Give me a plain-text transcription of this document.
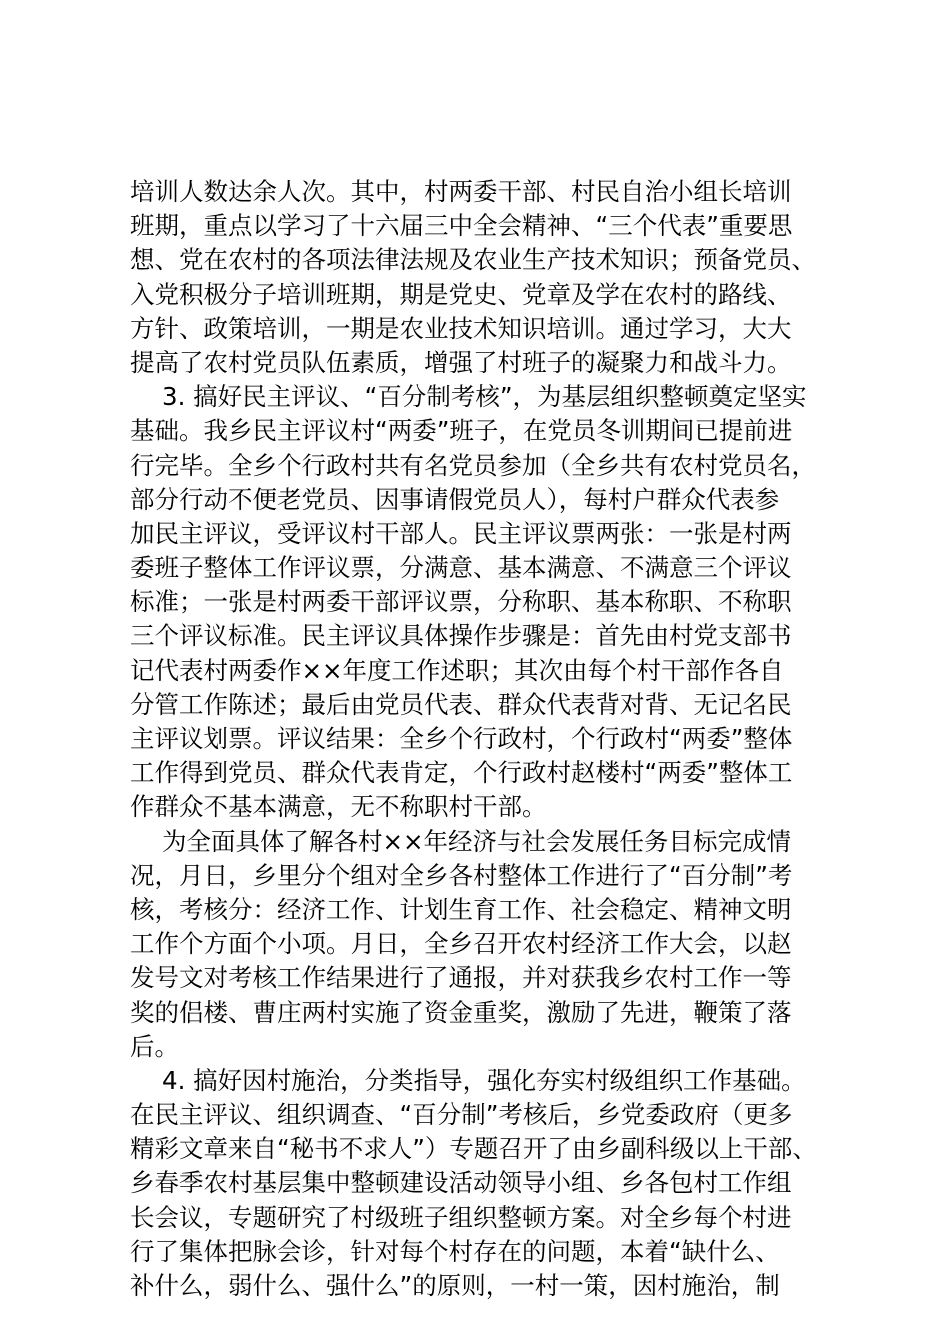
培训人数达余人次。其中，村两委干部、村民自治小组长培训
班期，重点以学习了十六届三中全会精神、“三个代表”重要思
想、党在农村的各项法律法规及农业生产技术知识；预备党员、
入党积极分子培训班期，期是党史、党章及学在农村的路线、
方针、政策培训，一期是农业技术知识培训。通过学习，大大
提高了农村党员队伍素质，增强了村班子的凝聚力和战斗力。
3. 搞好民主评议、“百分制考核”，为基层组织整顿奠定坚实
基础。我乡民主评议村“两委”班子，在党员冬训期间已提前进
行完毕。全乡个行政村共有名党员参加（全乡共有农村党员名，
部分行动不便老党员、因事请假党员人），每村户群众代表参
加民主评议，受评议村干部人。民主评议票两张：一张是村两
委班子整体工作评议票，分满意、基本满意、不满意三个评议
标准；一张是村两委干部评议票，分称职、基本称职、不称职
三个评议标准。民主评议具体操作步骤是：首先由村党支部书
记代表村两委作××年度工作述职；其次由每个村干部作各自
分管工作陈述；最后由党员代表、群众代表背对背、无记名民
主评议划票。评议结果：全乡个行政村，个行政村“两委”整体
工作得到党员、群众代表肯定，个行政村赵楼村“两委”整体工
作群众不基本满意，无不称职村干部。
为全面具体了解各村××年经济与社会发展任务目标完成情
况，月日，乡里分个组对全乡各村整体工作进行了“百分制”考
核，考核分：经济工作、计划生育工作、社会稳定、精神文明
工作个方面个小项。月日，全乡召开农村经济工作大会，以赵
发号文对考核工作结果进行了通报，并对获我乡农村工作一等
奖的侣楼、曹庄两村实施了资金重奖，激励了先进，鞭策了落
后。
4. 搞好因村施治，分类指导，强化夯实村级组织工作基础。
在民主评议、组织调查、“百分制”考核后，乡党委政府（更多
精彩文章来自“秘书不求人”）专题召开了由乡副科级以上干部、
乡春季农村基层集中整顿建设活动领导小组、乡各包村工作组
长会议，专题研究了村级班子组织整顿方案。对全乡每个村进
行了集体把脉会诊，针对每个村存在的问题，本着“缺什么、
补什么，弱什么、强什么”的原则，一村一策，因村施治，制
